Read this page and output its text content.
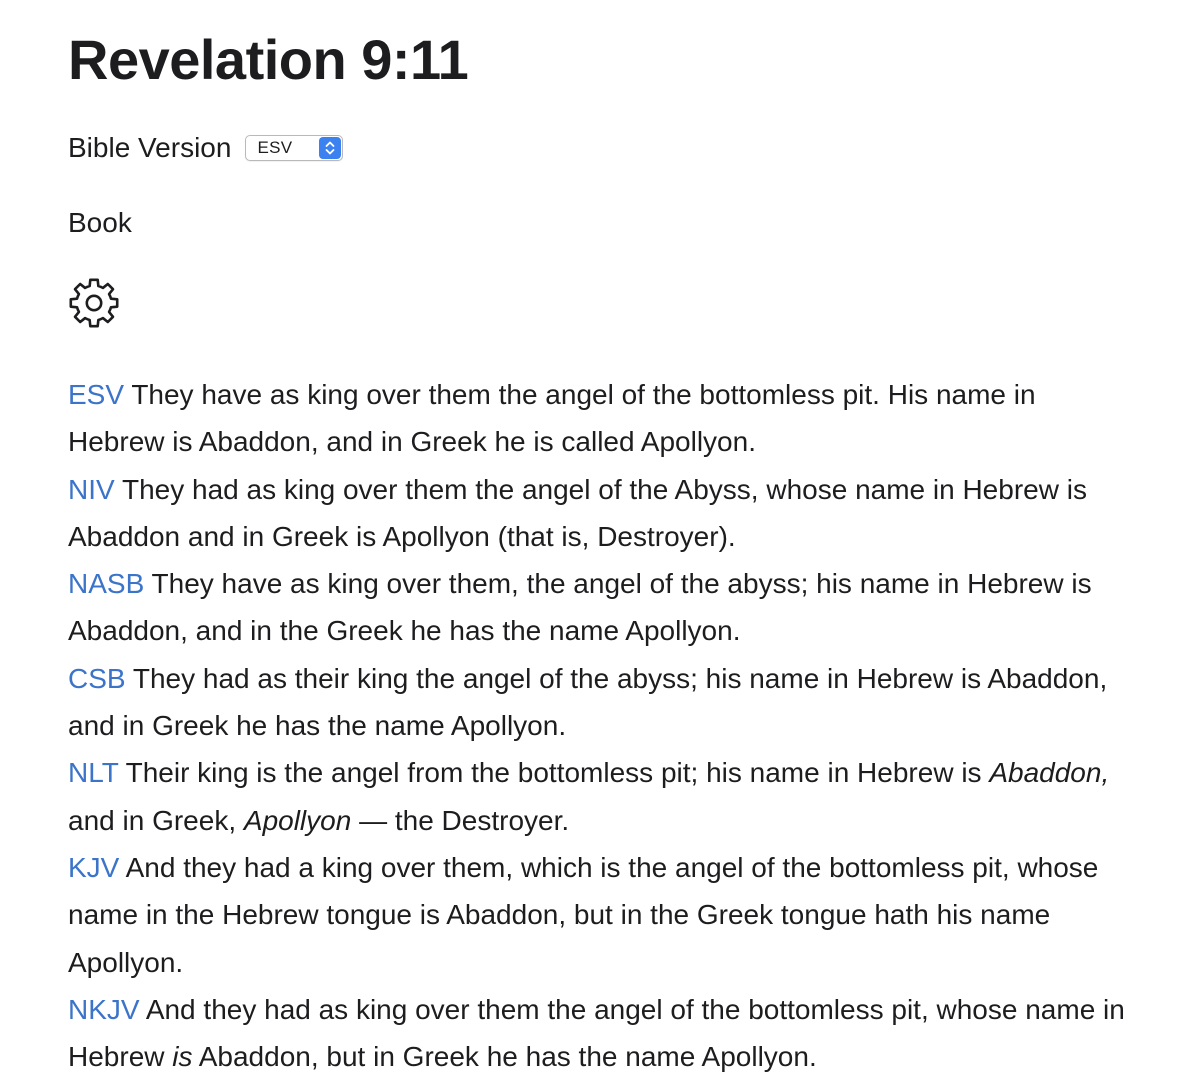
Revelation 9:11
Bible Version	ESV
Book

ESV They have as king over them the angel of the bottomless pit. His name in Hebrew is Abaddon, and in Greek he is called Apollyon.

NIV They had as king over them the angel of the Abyss, whose name in Hebrew is Abaddon and in Greek is Apollyon (that is, Destroyer).

NASB They have as king over them, the angel of the abyss; his name in Hebrew is Abaddon, and in the Greek he has the name Apollyon.

CSB They had as their king the angel of the abyss; his name in Hebrew is Abaddon, and in Greek he has the name Apollyon.

NLT Their king is the angel from the bottomless pit; his name in Hebrew is Abaddon, and in Greek, Apollyon — the Destroyer.

KJV And they had a king over them, which is the angel of the bottomless pit, whose name in the Hebrew tongue is Abaddon, but in the Greek tongue hath his name Apollyon.

NKJV And they had as king over them the angel of the bottomless pit, whose name in Hebrew is Abaddon, but in Greek he has the name Apollyon.
